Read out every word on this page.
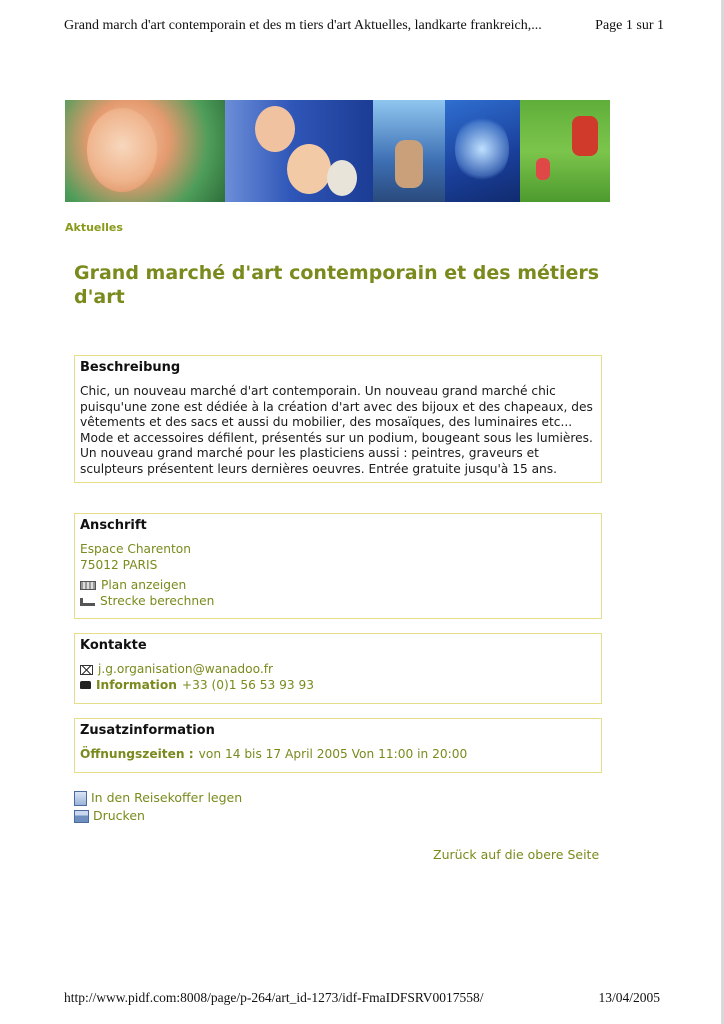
Grand march d'art contemporain et des m tiers d'art Aktuelles, landkarte frankreich,...	Page 1 sur 1
Aktuelles
Grand marché d'art contemporain et des métiers d'art
Beschreibung

Chic, un nouveau marché d'art contemporain. Un nouveau grand marché chic puisqu'une zone est dédiée à la création d'art avec des bijoux et des chapeaux, des vêtements et des sacs et aussi du mobilier, des mosaïques, des luminaires etc... Mode et accessoires défilent, présentés sur un podium, bougeant sous les lumières. Un nouveau grand marché pour les plasticiens aussi : peintres, graveurs et sculpteurs présentent leurs dernières oeuvres. Entrée gratuite jusqu'à 15 ans.

Anschrift
Espace Charenton
75012 PARIS
Plan anzeigen
Strecke berechnen
Kontakte
j.g.organisation@wanadoo.fr
Information +33 (0)1 56 53 93 93
Zusatzinformation
Öffnungszeiten : von 14 bis 17 April 2005 Von 11:00 in 20:00
In den Reisekoffer legen
Drucken
Zurück auf die obere Seite
http://www.pidf.com:8008/page/p-264/art_id-1273/idf-FmaIDFSRV0017558/	13/04/2005
